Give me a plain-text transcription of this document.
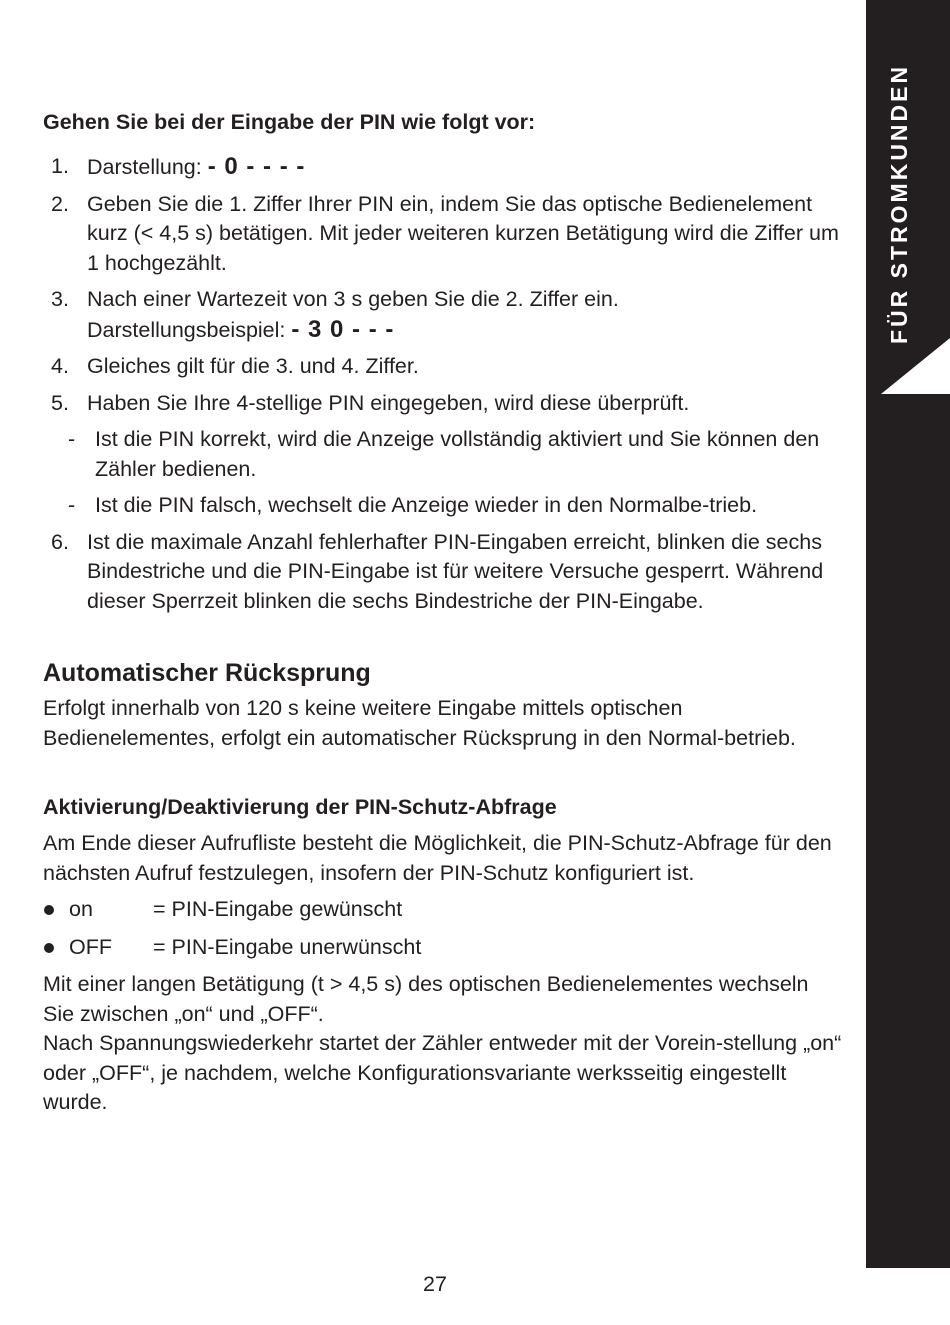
FÜR STROMKUNDEN
Gehen Sie bei der Eingabe der PIN wie folgt vor:
1. Darstellung: - 0 - - - -
2. Geben Sie die 1. Ziffer Ihrer PIN ein, indem Sie das optische Bedienelement kurz (< 4,5 s) betätigen. Mit jeder weiteren kurzen Betätigung wird die Ziffer um 1 hochgezählt.
3. Nach einer Wartezeit von 3 s geben Sie die 2. Ziffer ein.
Darstellungsbeispiel: - 3 0 - - -
4. Gleiches gilt für die 3. und 4. Ziffer.
5. Haben Sie Ihre 4-stellige PIN eingegeben, wird diese überprüft.
- Ist die PIN korrekt, wird die Anzeige vollständig aktiviert und Sie können den Zähler bedienen.
- Ist die PIN falsch, wechselt die Anzeige wieder in den Normalbe-trieb.
6. Ist die maximale Anzahl fehlerhafter PIN-Eingaben erreicht, blinken die sechs Bindestriche und die PIN-Eingabe ist für weitere Versuche gesperrt. Während dieser Sperrzeit blinken die sechs Bindestriche der PIN-Eingabe.
Automatischer Rücksprung

Erfolgt innerhalb von 120 s keine weitere Eingabe mittels optischen Bedienelementes, erfolgt ein automatischer Rücksprung in den Normal-betrieb.

Aktivierung/Deaktivierung der PIN-Schutz-Abfrage

Am Ende dieser Aufrufliste besteht die Möglichkeit, die PIN-Schutz-Abfrage für den nächsten Aufruf festzulegen, insofern der PIN-Schutz konfiguriert ist.

on	= PIN-Eingabe gewünscht
OFF = PIN-Eingabe unerwünscht

Mit einer langen Betätigung (t > 4,5 s) des optischen Bedienelementes wechseln Sie zwischen „on“ und „OFF“.

Nach Spannungswiederkehr startet der Zähler entweder mit der Vorein-stellung „on“ oder „OFF“, je nachdem, welche Konfigurationsvariante werksseitig eingestellt wurde.

27
